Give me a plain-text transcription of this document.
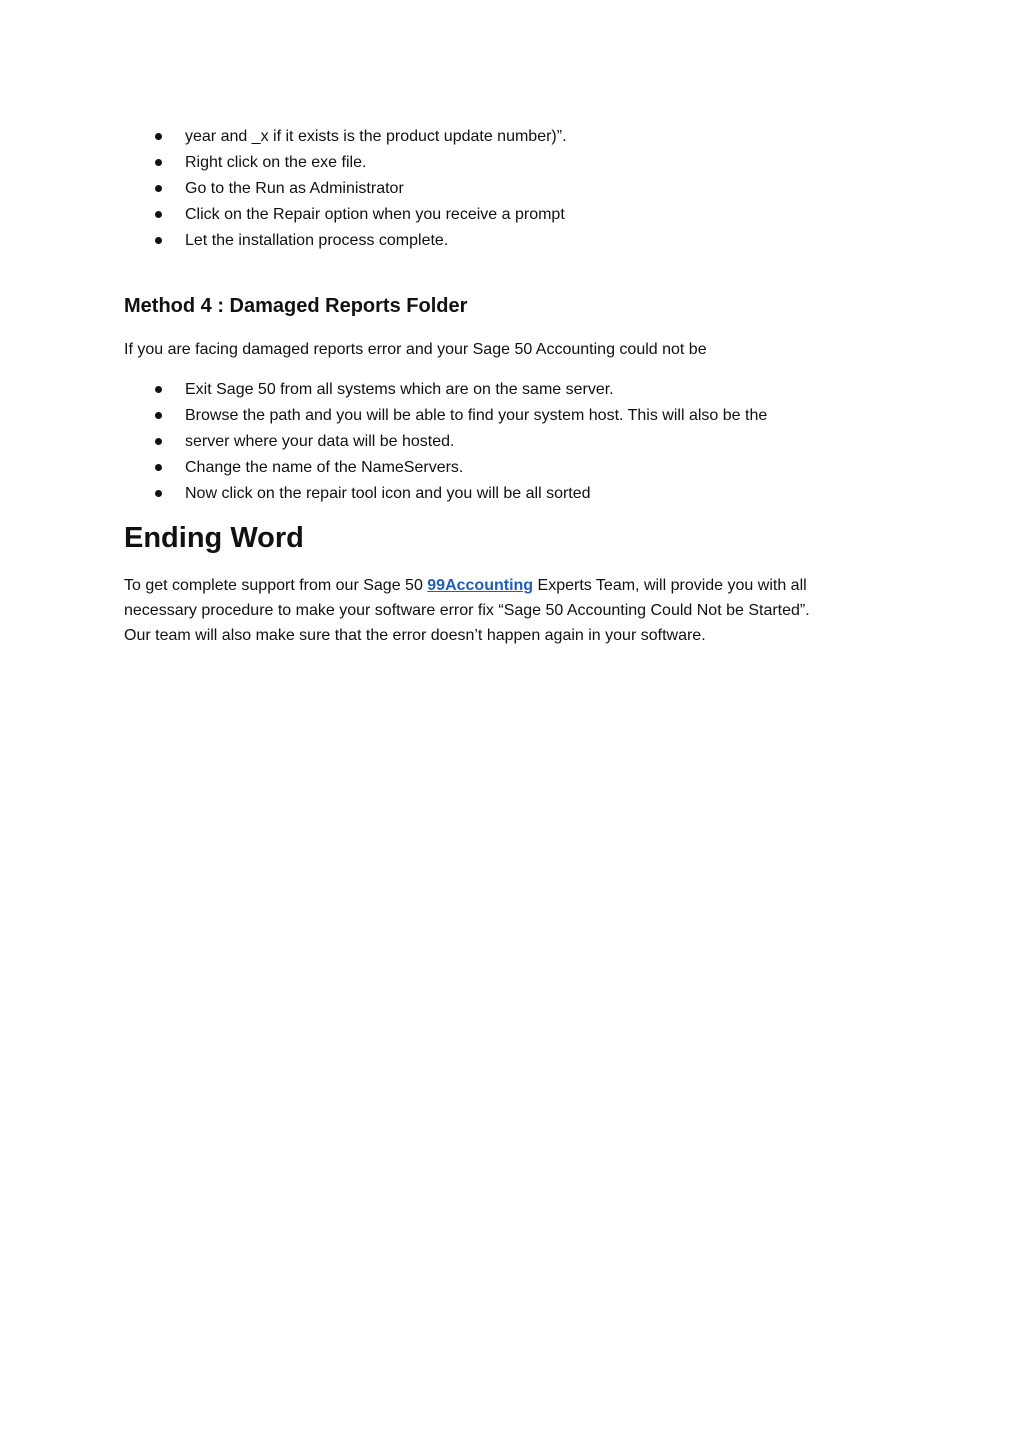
year and _x if it exists is the product update number)”.
Right click on the exe file.
Go to the Run as Administrator
Click on the Repair option when you receive a prompt
Let the installation process complete.
Method 4 : Damaged Reports Folder

If you are facing damaged reports error and your Sage 50 Accounting could not be

Exit Sage 50 from all systems which are on the same server.
Browse the path and you will be able to find your system host. This will also be the
server where your data will be hosted.
Change the name of the NameServers.
Now click on the repair tool icon and you will be all sorted
Ending Word

To get complete support from our Sage 50 99Accounting Experts Team, will provide you with all
necessary procedure to make your software error fix “Sage 50 Accounting Could Not be Started”.
Our team will also make sure that the error doesn’t happen again in your software.
